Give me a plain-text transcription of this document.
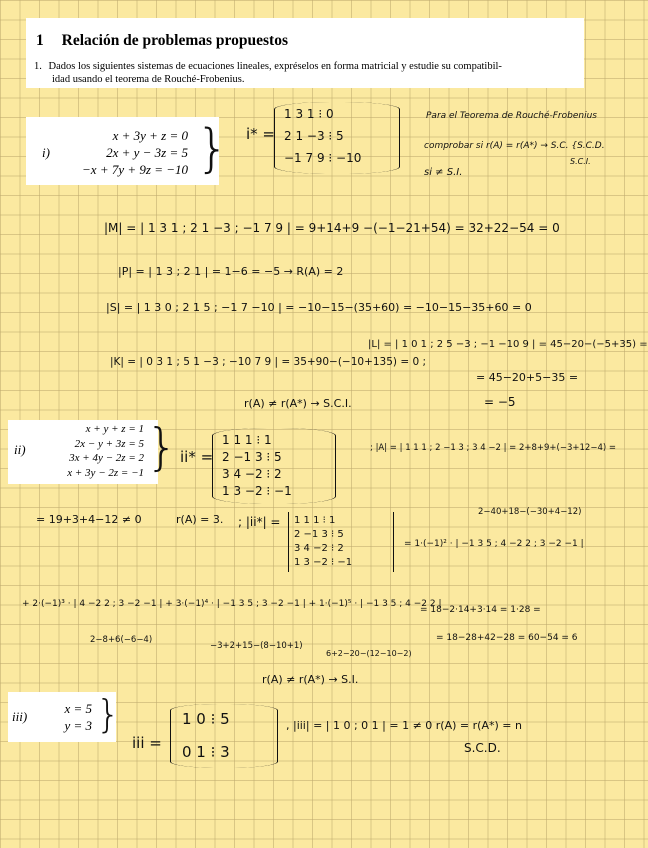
1 Relación de problemas propuestos
1. Dados los siguientes sistemas de ecuaciones lineales, expréselos en forma matricial y estudie su compatibil-
idad usando el teorema de Rouché-Frobenius.
i)
x + 3y + z = 0
2x + y − 3z = 5
−x + 7y + 9z = −10 }
ii)
x + y + z = 1
2x − y + 3z = 5
3x + 4y − 2z = 2
x + 3y − 2z = −1 }
iii)
x = 5
y = 3 }
i* =
1 3 1 ⁝ 0
2 1 −3 ⁝ 5
−1 7 9 ⁝ −10
Para el Teorema de Rouché-Frobenius
comprobar si r(A) = r(A*) → S.C. {S.C.D.
si ≠ S.I.
S.C.I.
|M| = | 1 3 1 ; 2 1 −3 ; −1 7 9 | = 9+14+9 −(−1−21+54) = 32+22−54 = 0
|P| = | 1 3 ; 2 1 | = 1−6 = −5 → R(A) = 2
|S| = | 1 3 0 ; 2 1 5 ; −1 7 −10 | = −10−15−(35+60) = −10−15−35+60 = 0
|K| = | 0 3 1 ; 5 1 −3 ; −10 7 9 | = 35+90−(−10+135) = 0 ;
|L| = | 1 0 1 ; 2 5 −3 ; −1 −10 9 | = 45−20−(−5+35) =
= 45−20+5−35 =
= −5
r(A) ≠ r(A*) → S.C.I.
ii* =
1 1 1 ⁝ 1
2 −1 3 ⁝ 5
3 4 −2 ⁝ 2
1 3 −2 ⁝ −1
; |A| = | 1 1 1 ; 2 −1 3 ; 3 4 −2 | = 2+8+9+(−3+12−4) =
= 19+3+4−12 ≠ 0	r(A) = 3. ; |ii*| = 1 1 1 ⁝ 1
2 −1 3 ⁝ 5
3 4 −2 ⁝ 2
1 3 −2 ⁝ −1
2−40+18−(−30+4−12)
= 1·(−1)² · | −1 3 5 ; 4 −2 2 ; 3 −2 −1 |
+ 2·(−1)³ · | 4 −2 2 ; 3 −2 −1 | + 3·(−1)⁴ · | −1 3 5 ; 3 −2 −1 | + 1·(−1)⁵ · | −1 3 5 ; 4 −2 2 |
2−8+6(−6−4)
−3+2+15−(8−10+1)
6+2−20−(12−10−2)
= 18−2·14+3·14 = 1·28 =
= 18−28+42−28 = 60−54 = 6
r(A) ≠ r(A*) → S.I.
iii =
1 0 ⁝ 5
0 1 ⁝ 3
, |iii| = | 1 0 ; 0 1 | = 1 ≠ 0 r(A) = r(A*) = n
S.C.D.
